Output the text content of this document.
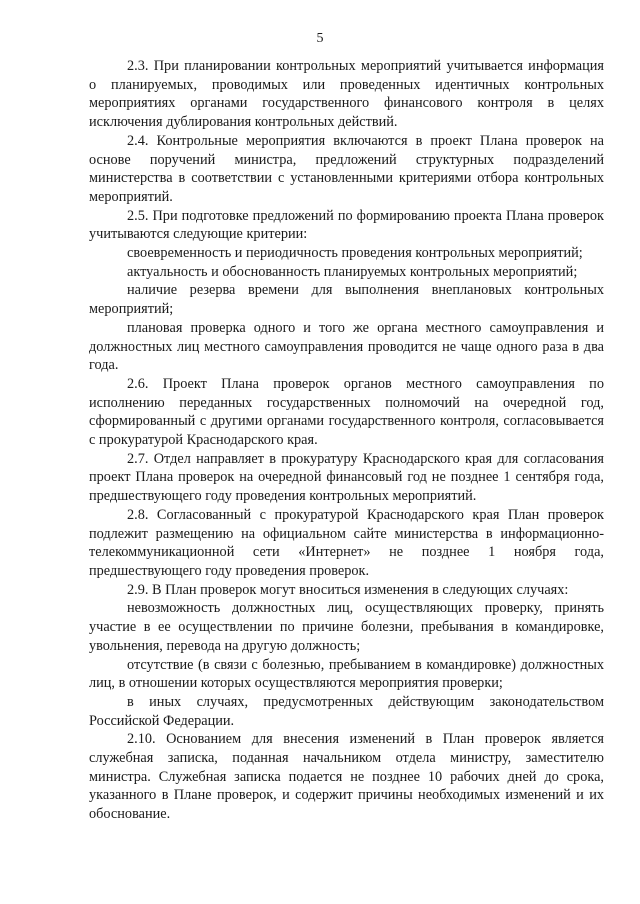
5

2.3. При планировании контрольных мероприятий учитывается информация о планируемых, проводимых или проведенных идентичных контрольных мероприятиях органами государственного финансового контроля в целях исключения дублирования контрольных действий.

2.4. Контрольные мероприятия включаются в проект Плана проверок на основе поручений министра, предложений структурных подразделений министерства в соответствии с установленными критериями отбора контрольных мероприятий.

2.5. При подготовке предложений по формированию проекта Плана проверок учитываются следующие критерии:

своевременность и периодичность проведения контрольных мероприятий;

актуальность и обоснованность планируемых контрольных мероприятий;

наличие резерва времени для выполнения внеплановых контрольных мероприятий;

плановая проверка одного и того же органа местного самоуправления и должностных лиц местного самоуправления проводится не чаще одного раза в два года.

2.6. Проект Плана проверок органов местного самоуправления по исполнению переданных государственных полномочий на очередной год, сформированный с другими органами государственного контроля, согласовывается с прокуратурой Краснодарского края.

2.7. Отдел направляет в прокуратуру Краснодарского края для согласования проект Плана проверок на очередной финансовый год не позднее 1 сентября года, предшествующего году проведения контрольных мероприятий.

2.8. Согласованный с прокуратурой Краснодарского края План проверок подлежит размещению на официальном сайте министерства в информационно-телекоммуникационной сети «Интернет» не позднее 1 ноября года, предшествующего году проведения проверок.

2.9. В План проверок могут вноситься изменения в следующих случаях:

невозможность должностных лиц, осуществляющих проверку, принять участие в ее осуществлении по причине болезни, пребывания в командировке, увольнения, перевода на другую должность;

отсутствие (в связи с болезнью, пребыванием в командировке) должностных лиц, в отношении которых осуществляются мероприятия проверки;

в иных случаях, предусмотренных действующим законодательством Российской Федерации.

2.10. Основанием для внесения изменений в План проверок является служебная записка, поданная начальником отдела министру, заместителю министра. Служебная записка подается не позднее 10 рабочих дней до срока, указанного в Плане проверок, и содержит причины необходимых изменений и их обоснование.
